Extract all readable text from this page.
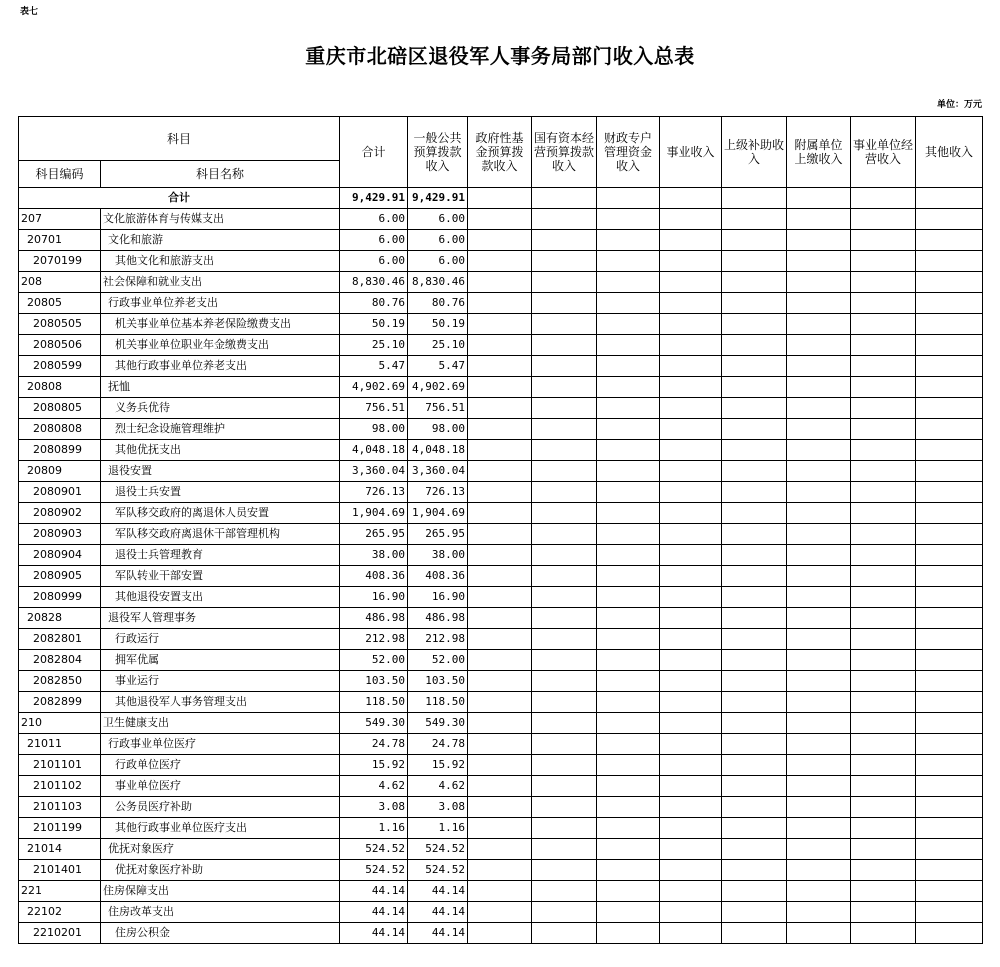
表七
重庆市北碚区退役军人事务局部门收入总表
单位：万元
科目		合计	一般公共预算拨款收入	政府性基金预算拨款收入	国有资本经营预算拨款收入	财政专户管理资金收入	事业收入	上级补助收入	附属单位上缴收入	事业单位经营收入	其他收入
科目编码	科目名称										
合计		9,429.91	9,429.91								
207	文化旅游体育与传媒支出	6.00	6.00								
20701	文化和旅游	6.00	6.00								
2070199	其他文化和旅游支出	6.00	6.00								
208	社会保障和就业支出	8,830.46	8,830.46								
20805	行政事业单位养老支出	80.76	80.76								
2080505	机关事业单位基本养老保险缴费支出	50.19	50.19								
2080506	机关事业单位职业年金缴费支出	25.10	25.10								
2080599	其他行政事业单位养老支出	5.47	5.47								
20808	抚恤	4,902.69	4,902.69								
2080805	义务兵优待	756.51	756.51								
2080808	烈士纪念设施管理维护	98.00	98.00								
2080899	其他优抚支出	4,048.18	4,048.18								
20809	退役安置	3,360.04	3,360.04								
2080901	退役士兵安置	726.13	726.13								
2080902	军队移交政府的离退休人员安置	1,904.69	1,904.69								
2080903	军队移交政府离退休干部管理机构	265.95	265.95								
2080904	退役士兵管理教育	38.00	38.00								
2080905	军队转业干部安置	408.36	408.36								
2080999	其他退役安置支出	16.90	16.90								
20828	退役军人管理事务	486.98	486.98								
2082801	行政运行	212.98	212.98								
2082804	拥军优属	52.00	52.00								
2082850	事业运行	103.50	103.50								
2082899	其他退役军人事务管理支出	118.50	118.50								
210	卫生健康支出	549.30	549.30								
21011	行政事业单位医疗	24.78	24.78								
2101101	行政单位医疗	15.92	15.92								
2101102	事业单位医疗	4.62	4.62								
2101103	公务员医疗补助	3.08	3.08								
2101199	其他行政事业单位医疗支出	1.16	1.16								
21014	优抚对象医疗	524.52	524.52								
2101401	优抚对象医疗补助	524.52	524.52								
221	住房保障支出	44.14	44.14								
22102	住房改革支出	44.14	44.14								
2210201	住房公积金	44.14	44.14								
